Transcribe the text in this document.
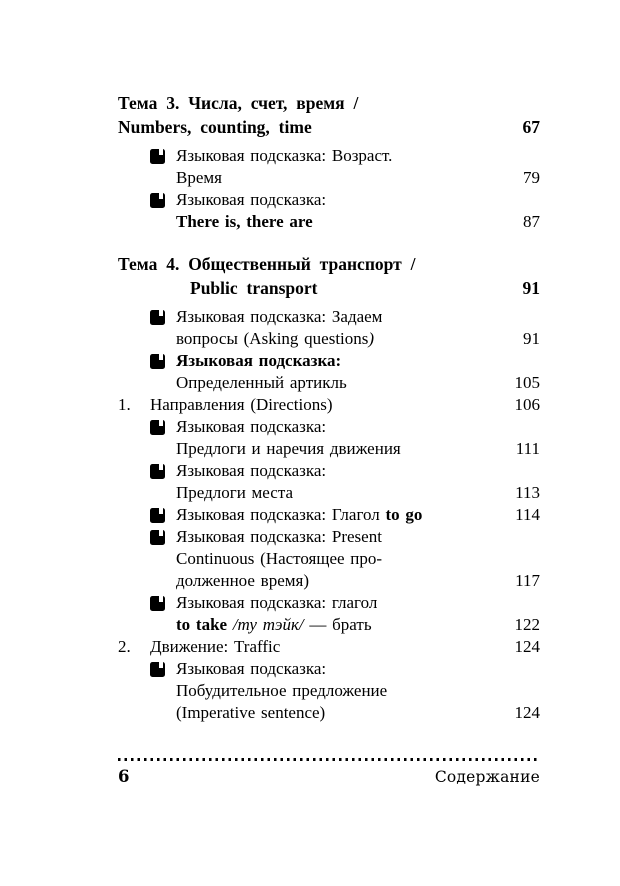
Тема 3. Числа, счет, время /
Numbers, counting, time	67
Языковая подсказка: Возраст.
Время	79
Языковая подсказка:
There is, there are	87
Тема 4. Общественный транспорт /
Public transport	91
Языковая подсказка: Задаем
вопросы (Asking questions)	91
Языковая подсказка:
Определенный артикль	105
1. Направления (Directions)	106
Языковая подсказка:
Предлоги и наречия движения	111
Языковая подсказка:
Предлоги места	113
Языковая подсказка: Глагол to go	114
Языковая подсказка: Present
Continuous (Настоящее про-
долженное время)	117
Языковая подсказка: глагол
to take /ту тэйк/ — брать	122
2. Движение: Traffic	124
Языковая подсказка:
Побудительное предложение
(Imperative sentence)	124
6	Содержание
